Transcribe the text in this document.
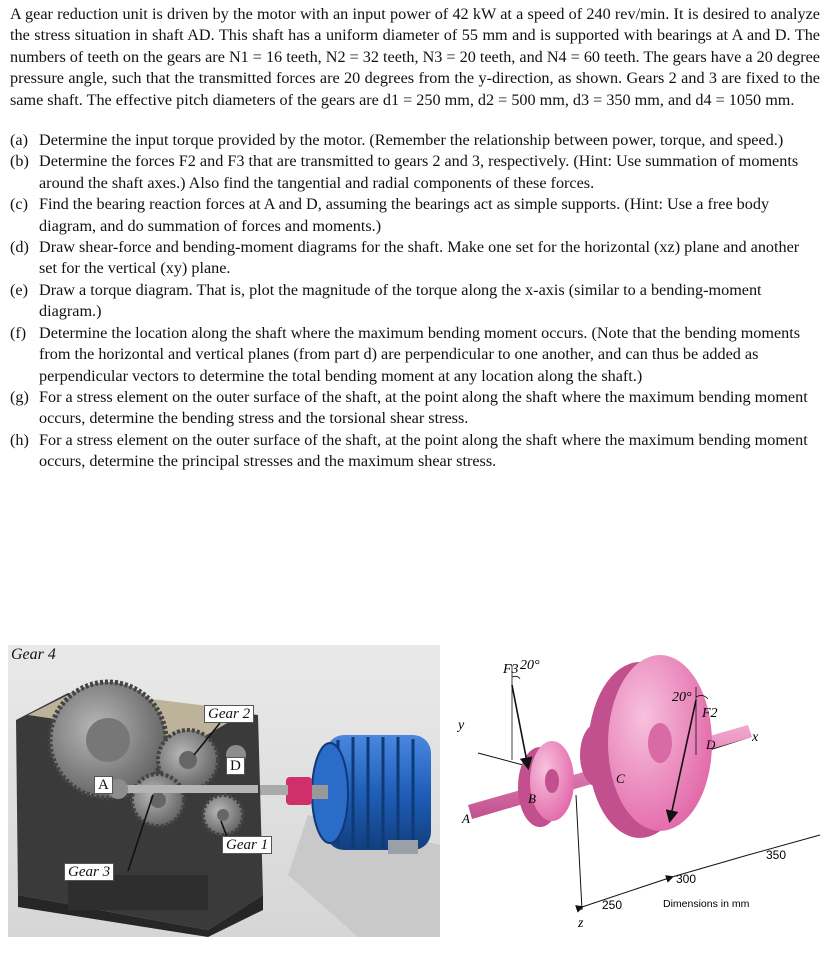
A gear reduction unit is driven by the motor with an input power of 42 kW at a speed of 240 rev/min. It is desired to analyze the stress situation in shaft AD. This shaft has a uniform diameter of 55 mm and is supported with bearings at A and D. The numbers of teeth on the gears are N1 = 16 teeth, N2 = 32 teeth, N3 = 20 teeth, and N4 = 60 teeth. The gears have a 20 degree pressure angle, such that the transmitted forces are 20 degrees from the y-direction, as shown. Gears 2 and 3 are fixed to the same shaft. The effective pitch diameters of the gears are d1 = 250 mm, d2 = 500 mm, d3 = 350 mm, and d4 = 1050 mm.

(a) Determine the input torque provided by the motor. (Remember the relationship between power, torque, and speed.)
(b) Determine the forces F2 and F3 that are transmitted to gears 2 and 3, respectively. (Hint: Use summation of moments around the shaft axes.) Also find the tangential and radial components of these forces.
(c) Find the bearing reaction forces at A and D, assuming the bearings act as simple supports. (Hint: Use a free body diagram, and do summation of forces and moments.)
(d) Draw shear-force and bending-moment diagrams for the shaft. Make one set for the horizontal (xz) plane and another set for the vertical (xy) plane.
(e) Draw a torque diagram. That is, plot the magnitude of the torque along the x-axis (similar to a bending-moment diagram.)
(f) Determine the location along the shaft where the maximum bending moment occurs. (Note that the bending moments from the horizontal and vertical planes (from part d) are perpendicular to one another, and can thus be added as perpendicular vectors to determine the total bending moment at any location along the shaft.)
(g) For a stress element on the outer surface of the shaft, at the point along the shaft where the maximum bending moment occurs, determine the bending stress and the torsional shear stress.
(h) For a stress element on the outer surface of the shaft, at the point along the shaft where the maximum bending moment occurs, determine the principal stresses and the maximum shear stress.
Gear 4
Gear 2
D
A
Gear 1
Gear 3
F3 20°
20°
F2
y
x
z
A
B
C
D
250
300
350
Dimensions in mm
